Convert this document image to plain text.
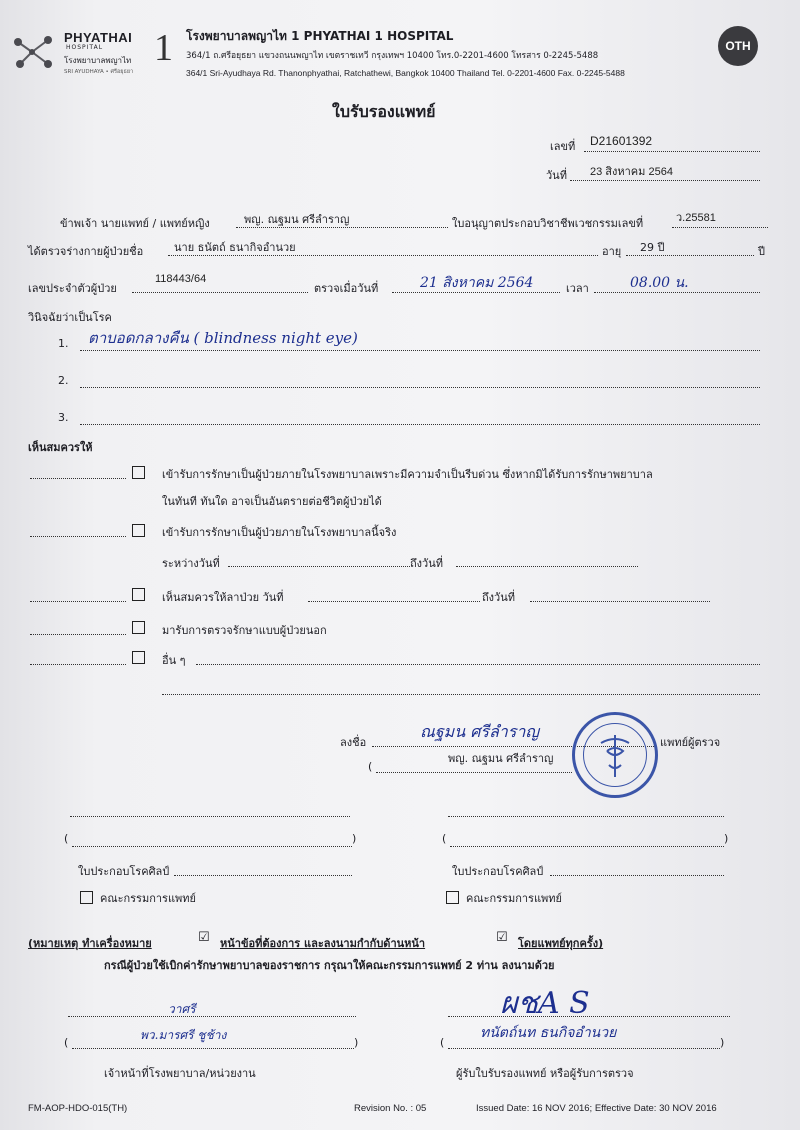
PHYATHAI
HOSPITAL
โรงพยาบาลพญาไท
SRI AYUDHAYA • ศรีอยุธยา
1 โรงพยาบาลพญาไท 1 PHYATHAI 1 HOSPITAL
364/1 ถ.ศรีอยุธยา แขวงถนนพญาไท เขตราชเทวี กรุงเทพฯ 10400 โทร.0-2201-4600 โทรสาร 0-2245-5488
364/1 Sri-Ayudhaya Rd. Thanonphyathai, Ratchathewi, Bangkok 10400 Thailand Tel. 0-2201-4600 Fax. 0-2245-5488
OTH
ใบรับรองแพทย์
เลขที่ D21601392
วันที่ 23 สิงหาคม 2564
ข้าพเจ้า นายแพทย์ / แพทย์หญิง	พญ. ณฐมน ศรีลำราญ	ใบอนุญาตประกอบวิชาชีพเวชกรรมเลขที่	ว.25581
ได้ตรวจร่างกายผู้ป่วยชื่อ	นาย ธนัตถ์ ธนากิจอำนวย	อายุ 29 ปี	ปี
เลขประจำตัวผู้ป่วย
118443/64
ตรวจเมื่อวันที่	21 สิงหาคม 2564	เวลา	08.00 น.
วินิจฉัยว่าเป็นโรค
1. ตาบอดกลางคืน ( blindness night eye)
2.
3.
เห็นสมควรให้
เข้ารับการรักษาเป็นผู้ป่วยภายในโรงพยาบาลเพราะมีความจำเป็นรีบด่วน ซึ่งหากมิได้รับการรักษาพยาบาล
ในทันที ทันใด อาจเป็นอันตรายต่อชีวิตผู้ป่วยได้
เข้ารับการรักษาเป็นผู้ป่วยภายในโรงพยาบาลนี้จริง
ระหว่างวันที่	ถึงวันที่
เห็นสมควรให้ลาป่วย วันที่	ถึงวันที่
มารับการตรวจรักษาแบบผู้ป่วยนอก
อื่น ๆ
ลงชื่อ
ณฐมน ศรีลำราญ
แพทย์ผู้ตรวจ
พญ. ณฐมน ศรีลำราญ
(
(	)	(	)
ใบประกอบโรคศิลป์	ใบประกอบโรคศิลป์
คณะกรรมการแพทย์	คณะกรรมการแพทย์
(หมายเหตุ ทำเครื่องหมาย	☑ หน้าข้อที่ต้องการ และลงนามกำกับด้านหน้า	☑ โดยแพทย์ทุกครั้ง)
กรณีผู้ป่วยใช้เบิกค่ารักษาพยาบาลของราชการ กรุณาให้คณะกรรมการแพทย์ 2 ท่าน ลงนามด้วย
วาศรี
(
พว.มารศรี ชูช้าง
)
เจ้าหน้าที่โรงพยาบาล/หน่วยงาน
ผชA S
(
ทนัตถ์นท ธนกิจอำนวย
)
ผู้รับใบรับรองแพทย์ หรือผู้รับการตรวจ
FM-AOP-HDO-015(TH)	Revision No. : 05	Issued Date: 16 NOV 2016; Effective Date: 30 NOV 2016
